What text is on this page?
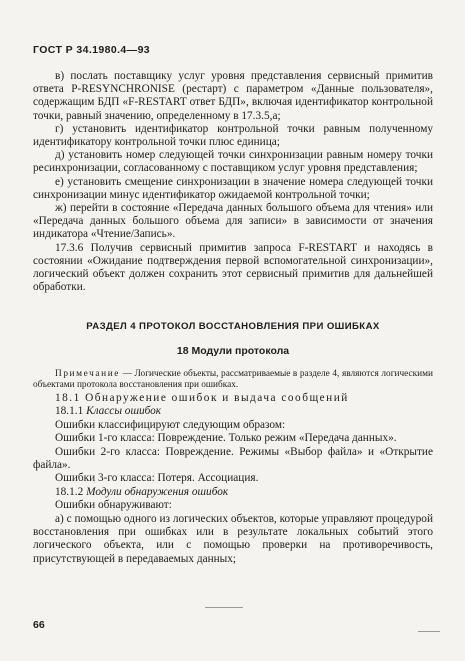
ГОСТ Р 34.1980.4—93

в) послать поставщику услуг уровня представления сервисный примитив ответа P-RESYNCHRONISE (рестарт) с параметром «Данные пользователя», содержащим БДП «F-RESTART ответ БДП», включая идентификатор контрольной точки, равный значению, определенному в 17.3.5,а;

г) установить идентификатор контрольной точки равным полученному идентификатору контрольной точки плюс единица;

д) установить номер следующей точки синхронизации равным номеру точки ресинхронизации, согласованному с поставщиком услуг уровня представления;

е) установить смещение синхронизации в значение номера следующей точки синхронизации минус идентификатор ожидаемой контрольной точки;

ж) перейти в состояние «Передача данных большого объема для чтения» или «Передача данных большого объема для записи» в зависимости от значения индикатора «Чтение/Запись».

17.3.6 Получив сервисный примитив запроса F-RESTART и находясь в состоянии «Ожидание подтверждения первой вспомогательной синхронизации», логический объект должен сохранить этот сервисный примитив для дальнейшей обработки.

РАЗДЕЛ 4 ПРОТОКОЛ ВОССТАНОВЛЕНИЯ ПРИ ОШИБКАХ
18 Модули протокола

Примечание — Логические объекты, рассматриваемые в разделе 4, являются логическими объектами протокола восстановления при ошибках.

18.1 Обнаружение ошибок и выдача сообщений

18.1.1 Классы ошибок

Ошибки классифицируют следующим образом:

Ошибки 1-го класса: Повреждение. Только режим «Передача данных».

Ошибки 2-го класса: Повреждение. Режимы «Выбор файла» и «Открытие файла».

Ошибки 3-го класса: Потеря. Ассоциация.

18.1.2 Модули обнаружения ошибок

Ошибки обнаруживают:

а) с помощью одного из логических объектов, которые управляют процедурой восстановления при ошибках или в результате локальных событий этого логического объекта, или с помощью проверки на противоречивость, присутствующей в передаваемых данных;

66
